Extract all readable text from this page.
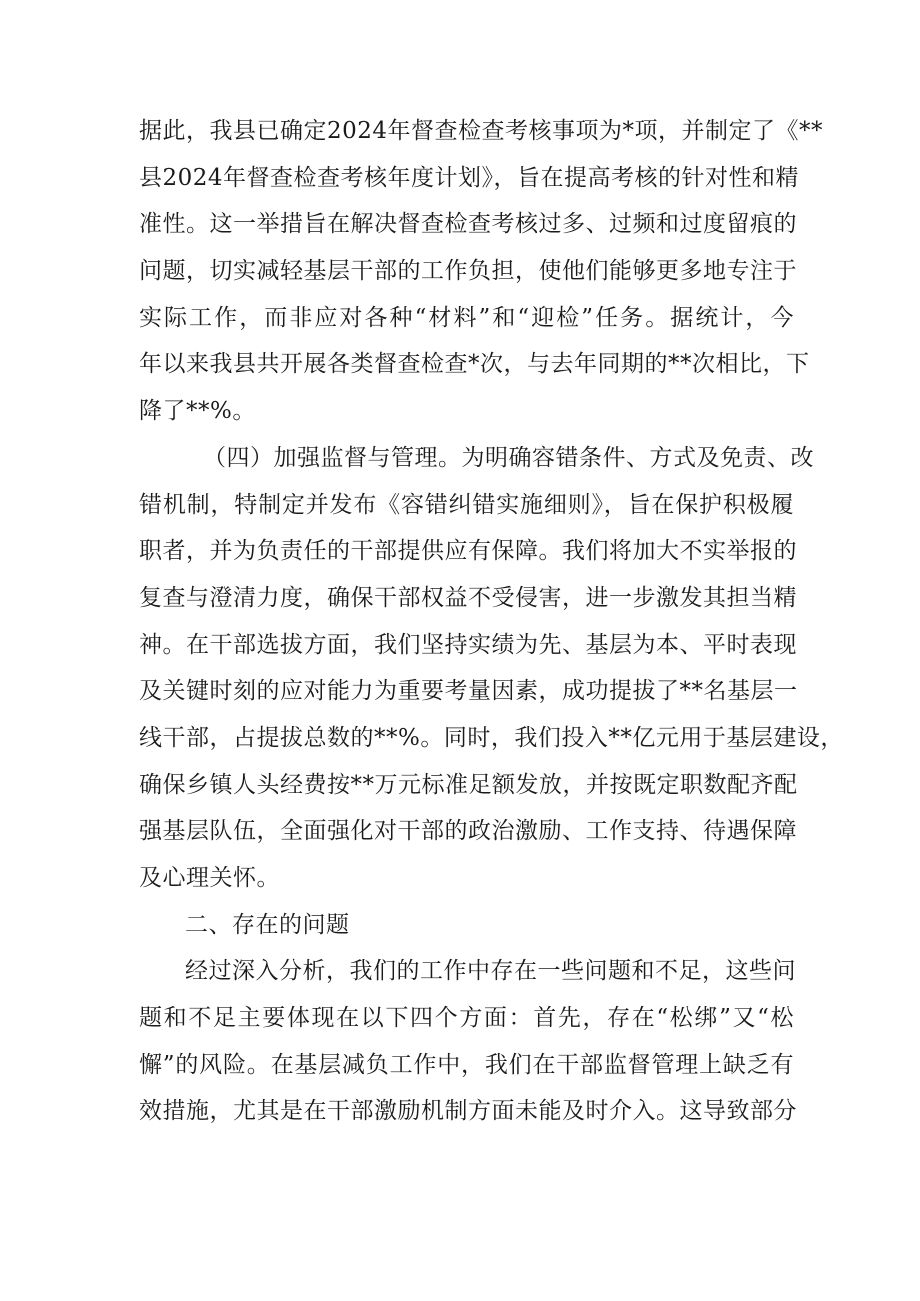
据此，我县已确定2024年督查检查考核事项为*项，并制定了《**
县2024年督查检查考核年度计划》，旨在提高考核的针对性和精
准性。这一举措旨在解决督查检查考核过多、过频和过度留痕的
问题，切实减轻基层干部的工作负担，使他们能够更多地专注于
实际工作，而非应对各种“材料”和“迎检”任务。据统计，今
年以来我县共开展各类督查检查*次，与去年同期的**次相比，下
降了**%。
（四）加强监督与管理。为明确容错条件、方式及免责、改
错机制，特制定并发布《容错纠错实施细则》，旨在保护积极履
职者，并为负责任的干部提供应有保障。我们将加大不实举报的
复查与澄清力度，确保干部权益不受侵害，进一步激发其担当精
神。在干部选拔方面，我们坚持实绩为先、基层为本、平时表现
及关键时刻的应对能力为重要考量因素，成功提拔了**名基层一
线干部，占提拔总数的**%。同时，我们投入**亿元用于基层建设，
确保乡镇人头经费按**万元标准足额发放，并按既定职数配齐配
强基层队伍，全面强化对干部的政治激励、工作支持、待遇保障
及心理关怀。
二、存在的问题
经过深入分析，我们的工作中存在一些问题和不足，这些问
题和不足主要体现在以下四个方面：首先，存在“松绑”又“松
懈”的风险。在基层减负工作中，我们在干部监督管理上缺乏有
效措施，尤其是在干部激励机制方面未能及时介入。这导致部分
